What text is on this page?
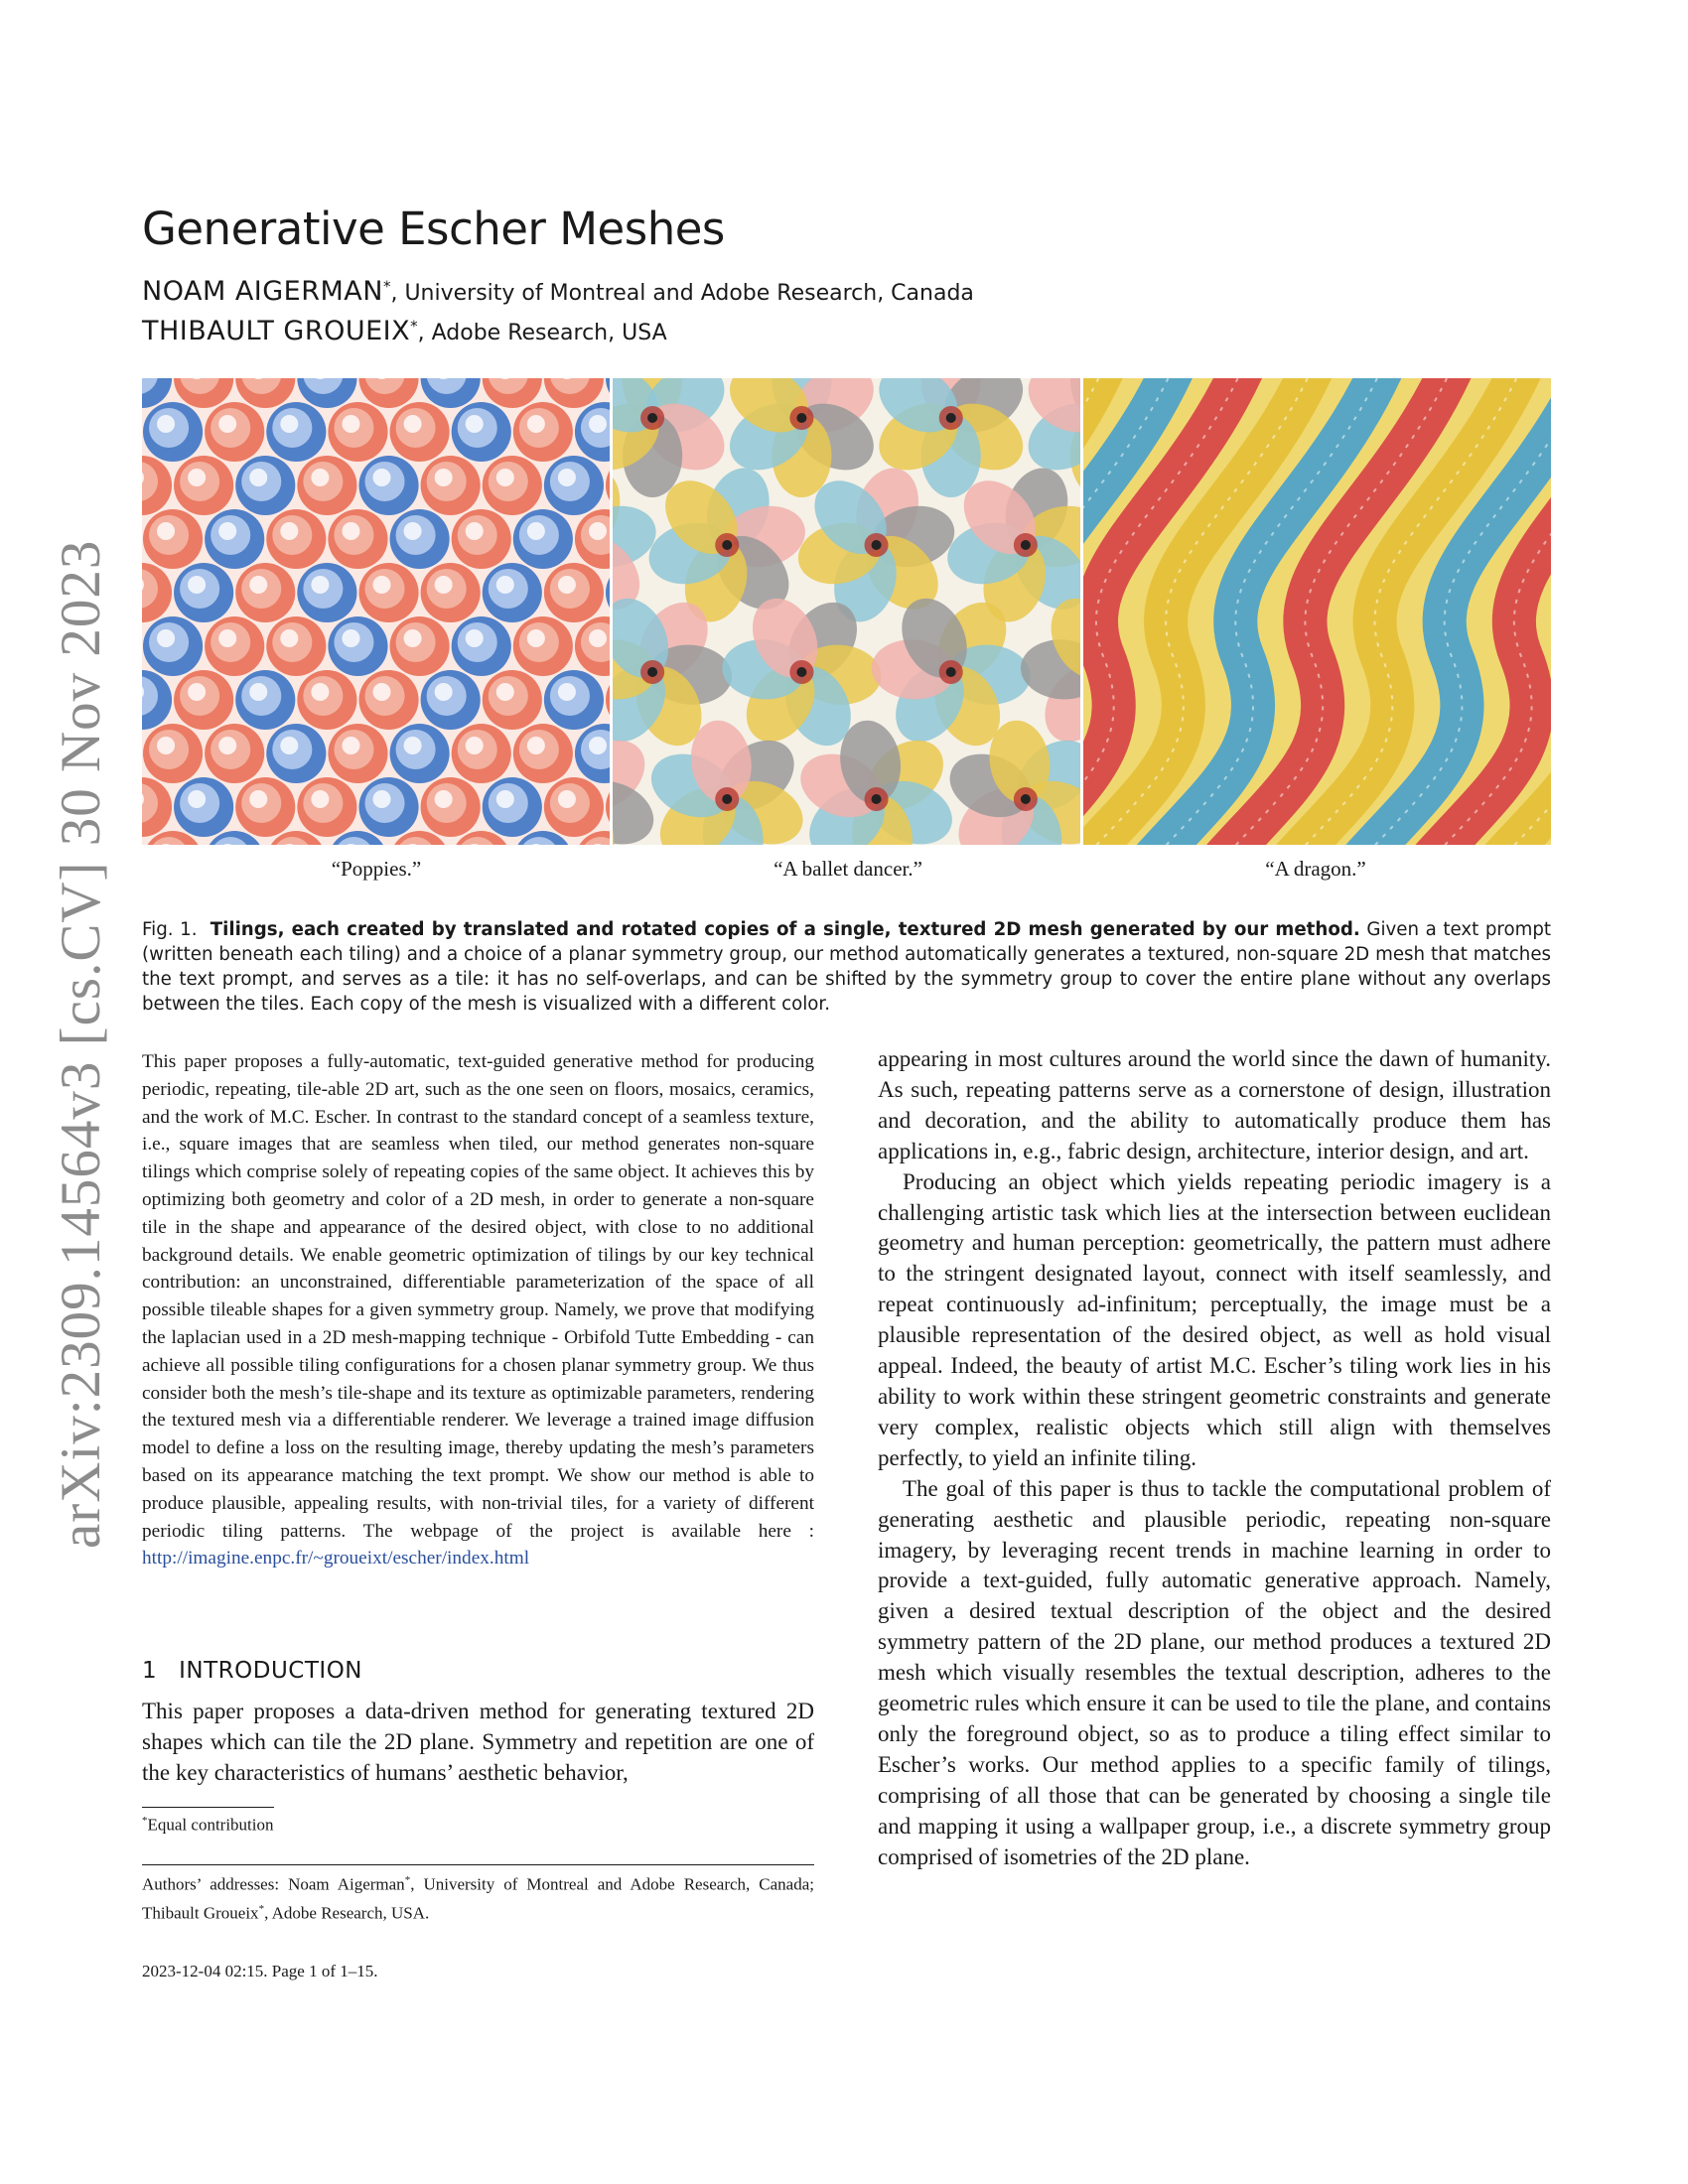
arXiv:2309.14564v3 [cs.CV] 30 Nov 2023
Generative Escher Meshes
NOAM AIGERMAN*, University of Montreal and Adobe Research, Canada
THIBAULT GROUEIX*, Adobe Research, USA
“Poppies.”	“A ballet dancer.”	“A dragon.”
Fig. 1. Tilings, each created by translated and rotated copies of a single, textured 2D mesh generated by our method. Given a text prompt (written beneath each tiling) and a choice of a planar symmetry group, our method automatically generates a textured, non-square 2D mesh that matches the text prompt, and serves as a tile: it has no self-overlaps, and can be shifted by the symmetry group to cover the entire plane without any overlaps between the tiles. Each copy of the mesh is visualized with a different color.
This paper proposes a fully-automatic, text-guided generative method for producing periodic, repeating, tile-able 2D art, such as the one seen on floors, mosaics, ceramics, and the work of M.C. Escher. In contrast to the standard concept of a seamless texture, i.e., square images that are seamless when tiled, our method generates non-square tilings which comprise solely of repeating copies of the same object. It achieves this by optimizing both geometry and color of a 2D mesh, in order to generate a non-square tile in the shape and appearance of the desired object, with close to no additional background details. We enable geometric optimization of tilings by our key technical contribution: an unconstrained, differentiable parameterization of the space of all possible tileable shapes for a given symmetry group. Namely, we prove that modifying the laplacian used in a 2D mesh-mapping technique - Orbifold Tutte Embedding - can achieve all possible tiling configurations for a chosen planar symmetry group. We thus consider both the mesh’s tile-shape and its texture as optimizable parameters, rendering the textured mesh via a differentiable renderer. We leverage a trained image diffusion model to define a loss on the resulting image, thereby updating the mesh’s parameters based on its appearance matching the text prompt. We show our method is able to produce plausible, appealing results, with non-trivial tiles, for a variety of different periodic tiling patterns. The webpage of the project is available here : http://imagine.enpc.fr/~groueixt/escher/index.html
1 INTRODUCTION
This paper proposes a data-driven method for generating textured 2D shapes which can tile the 2D plane. Symmetry and repetition are one of the key characteristics of humans’ aesthetic behavior,

appearing in most cultures around the world since the dawn of humanity. As such, repeating patterns serve as a cornerstone of design, illustration and decoration, and the ability to automatically produce them has applications in, e.g., fabric design, architecture, interior design, and art.

Producing an object which yields repeating periodic imagery is a challenging artistic task which lies at the intersection between euclidean geometry and human perception: geometrically, the pattern must adhere to the stringent designated layout, connect with itself seamlessly, and repeat continuously ad-infinitum; perceptually, the image must be a plausible representation of the desired object, as well as hold visual appeal. Indeed, the beauty of artist M.C. Escher’s tiling work lies in his ability to work within these stringent geometric constraints and generate very complex, realistic objects which still align with themselves perfectly, to yield an infinite tiling.

The goal of this paper is thus to tackle the computational problem of generating aesthetic and plausible periodic, repeating non-square imagery, by leveraging recent trends in machine learning in order to provide a text-guided, fully automatic generative approach. Namely, given a desired textual description of the object and the desired symmetry pattern of the 2D plane, our method produces a textured 2D mesh which visually resembles the textual description, adheres to the geometric rules which ensure it can be used to tile the plane, and contains only the foreground object, so as to produce a tiling effect similar to Escher’s works. Our method applies to a specific family of tilings, comprising of all those that can be generated by choosing a single tile and mapping it using a wallpaper group, i.e., a discrete symmetry group comprised of isometries of the 2D plane.

*Equal contribution
Authors’ addresses: Noam Aigerman*, University of Montreal and Adobe Research, Canada; Thibault Groueix*, Adobe Research, USA.
2023-12-04 02:15. Page 1 of 1–15.
